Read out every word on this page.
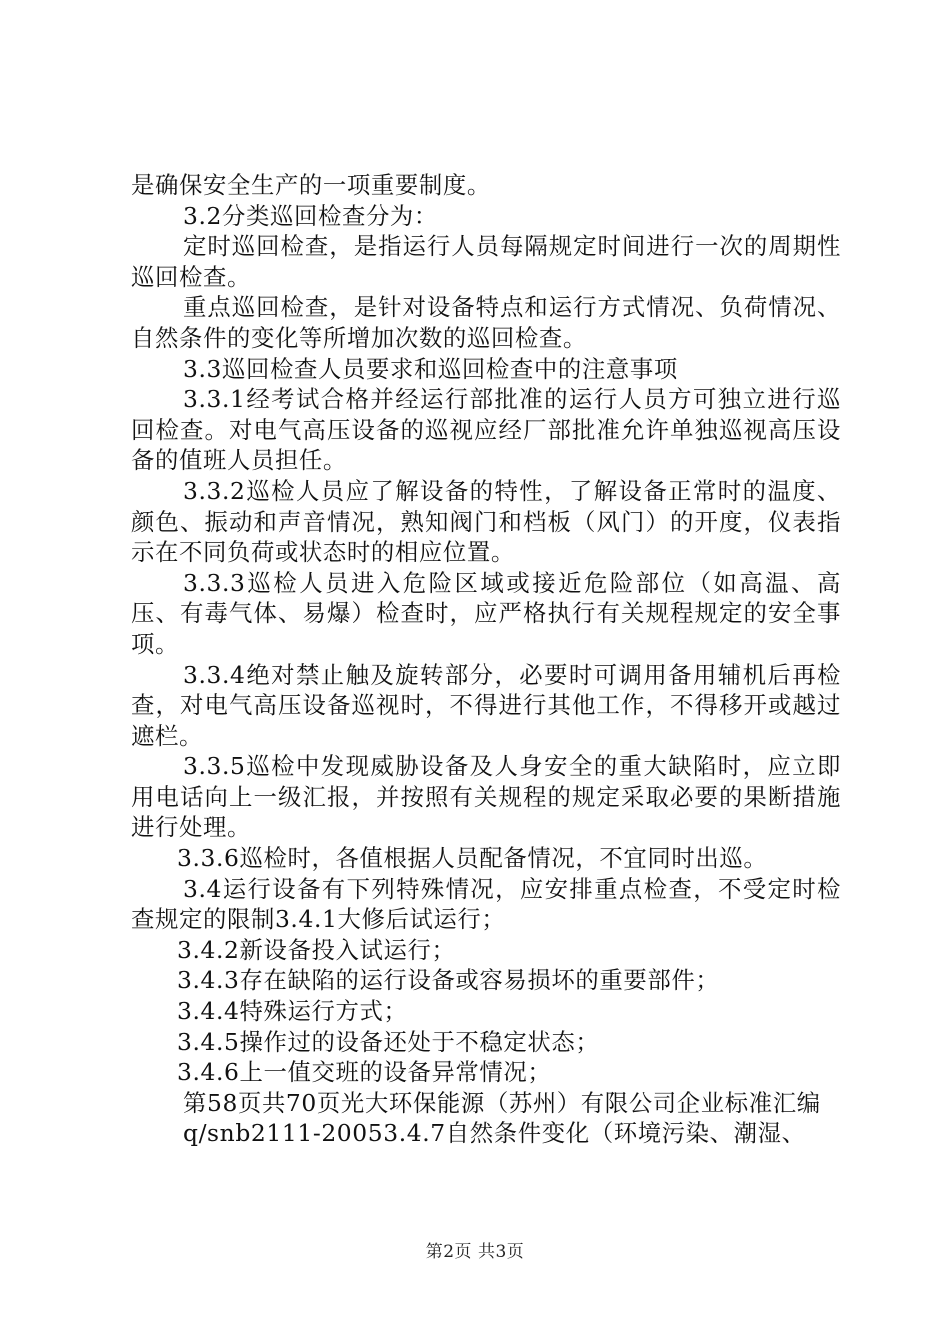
是确保安全生产的一项重要制度。

3.2分类巡回检查分为：

定时巡回检查，是指运行人员每隔规定时间进行一次的周期性巡回检查。

重点巡回检查，是针对设备特点和运行方式情况、负荷情况、自然条件的变化等所增加次数的巡回检查。

3.3巡回检查人员要求和巡回检查中的注意事项

3.3.1经考试合格并经运行部批准的运行人员方可独立进行巡回检查。对电气高压设备的巡视应经厂部批准允许单独巡视高压设备的值班人员担任。

3.3.2巡检人员应了解设备的特性，了解设备正常时的温度、颜色、振动和声音情况，熟知阀门和档板（风门）的开度，仪表指示在不同负荷或状态时的相应位置。

3.3.3巡检人员进入危险区域或接近危险部位（如高温、高压、有毒气体、易爆）检查时，应严格执行有关规程规定的安全事项。

3.3.4绝对禁止触及旋转部分，必要时可调用备用辅机后再检查，对电气高压设备巡视时，不得进行其他工作，不得移开或越过遮栏。

3.3.5巡检中发现威胁设备及人身安全的重大缺陷时，应立即用电话向上一级汇报，并按照有关规程的规定采取必要的果断措施进行处理。

3.3.6巡检时，各值根据人员配备情况，不宜同时出巡。

3.4运行设备有下列特殊情况，应安排重点检查，不受定时检查规定的限制3.4.1大修后试运行；

3.4.2新设备投入试运行；

3.4.3存在缺陷的运行设备或容易损坏的重要部件；

3.4.4特殊运行方式；

3.4.5操作过的设备还处于不稳定状态；

3.4.6上一值交班的设备异常情况；

第58页共70页光大环保能源（苏州）有限公司企业标准汇编

q/snb2111-20053.4.7自然条件变化（环境污染、潮湿、

第2页 共3页
